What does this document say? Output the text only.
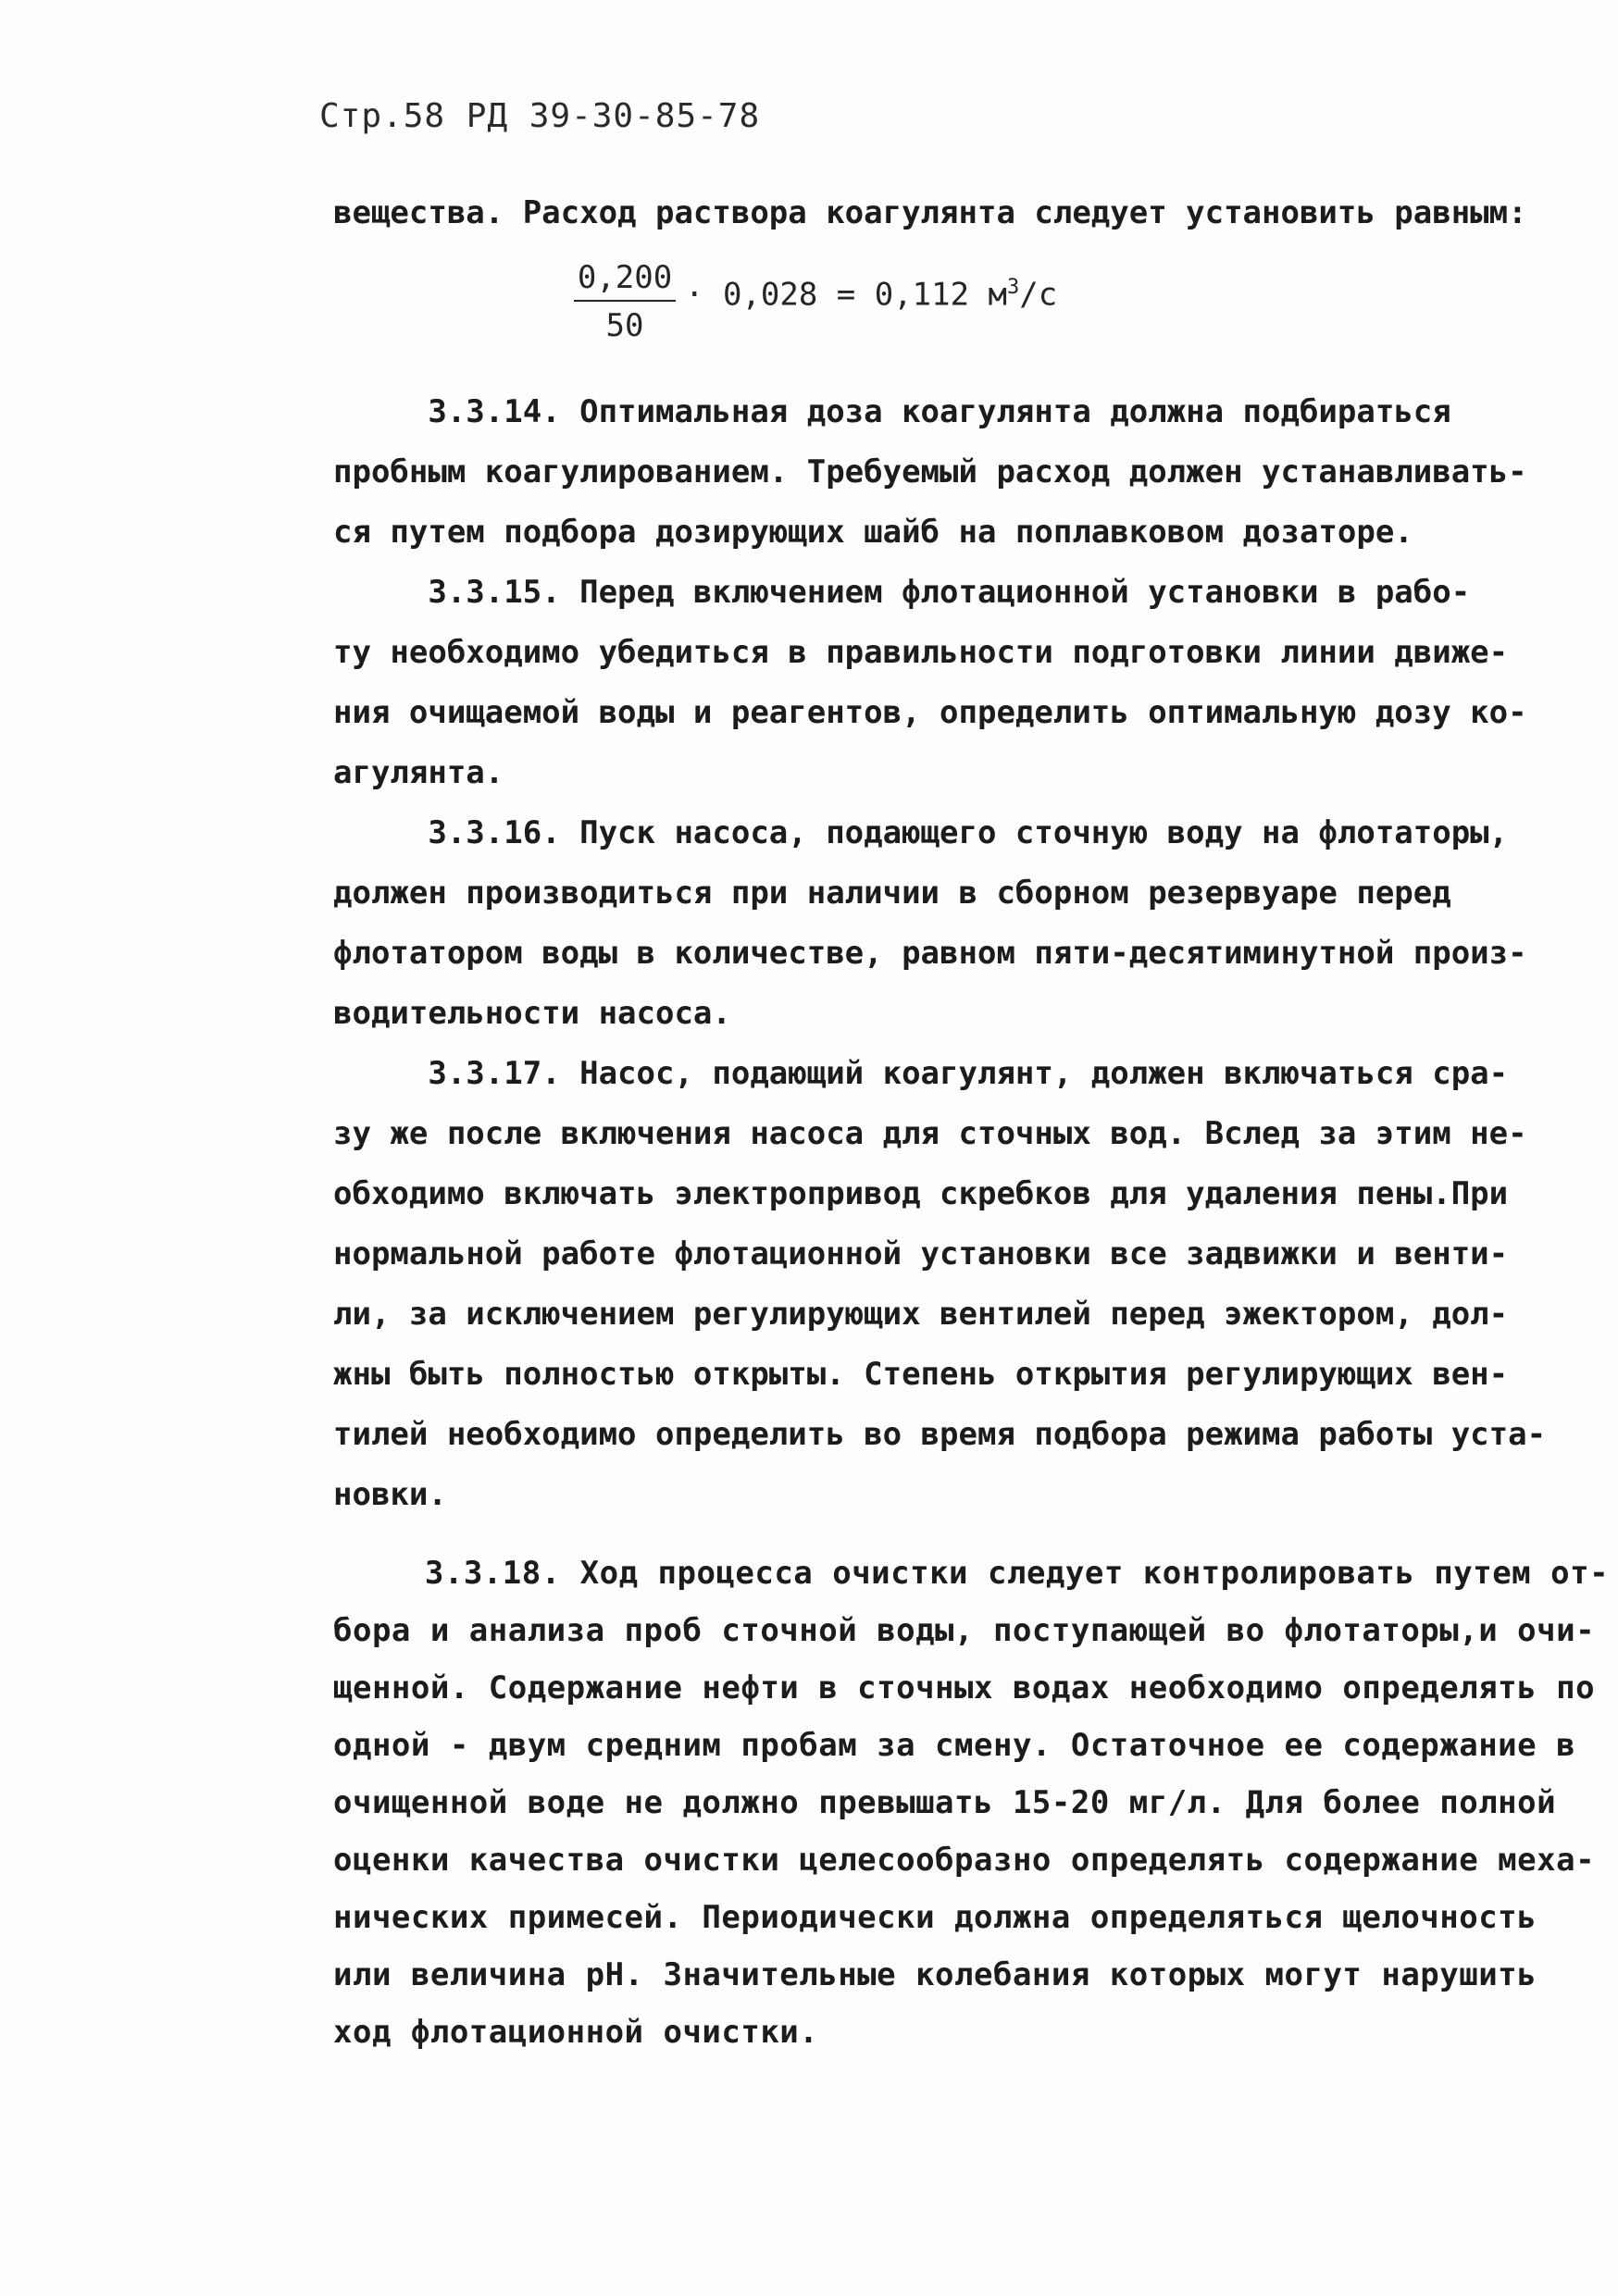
Стр.58 РД 39-30-85-78
вещества. Расход раствора коагулянта следует установить равным:
$\frac{0,200}{50} \cdot 0,028 = 0,112$ $м^3/с$
3.3.14. Оптимальная доза коагулянта должна подбираться
пробным коагулированием. Требуемый расход должен устанавливать-
ся путем подбора дозирующих шайб на поплавковом дозаторе.
3.3.15. Перед включением флотационной установки в рабо-
ту необходимо убедиться в правильности подготовки линии движе-
ния очищаемой воды и реагентов, определить оптимальную дозу ко-
агулянта.
3.3.16. Пуск насоса, подающего сточную воду на флотаторы,
должен производиться при наличии в сборном резервуаре перед
флотатором воды в количестве, равном пяти-десятиминутной произ-
водительности насоса.
3.3.17. Насос, подающий коагулянт, должен включаться сра-
зу же после включения насоса для сточных вод. Вслед за этим не-
обходимо включать электропривод скребков для удаления пены.При
нормальной работе флотационной установки все задвижки и венти-
ли, за исключением регулирующих вентилей перед эжектором, дол-
жны быть полностью открыты. Степень открытия регулирующих вен-
тилей необходимо определить во время подбора режима работы уста-
новки.
3.3.18. Ход процесса очистки следует контролировать путем от-
бора и анализа проб сточной воды, поступающей во флотаторы,и очи-
щенной. Содержание нефти в сточных водах необходимо определять по
одной - двум средним пробам за смену. Остаточное ее содержание в
очищенной воде не должно превышать 15-20 мг/л. Для более полной
оценки качества очистки целесообразно определять содержание меха-
нических примесей. Периодически должна определяться щелочность
или величина рН. Значительные колебания которых могут нарушить
ход флотационной очистки.
